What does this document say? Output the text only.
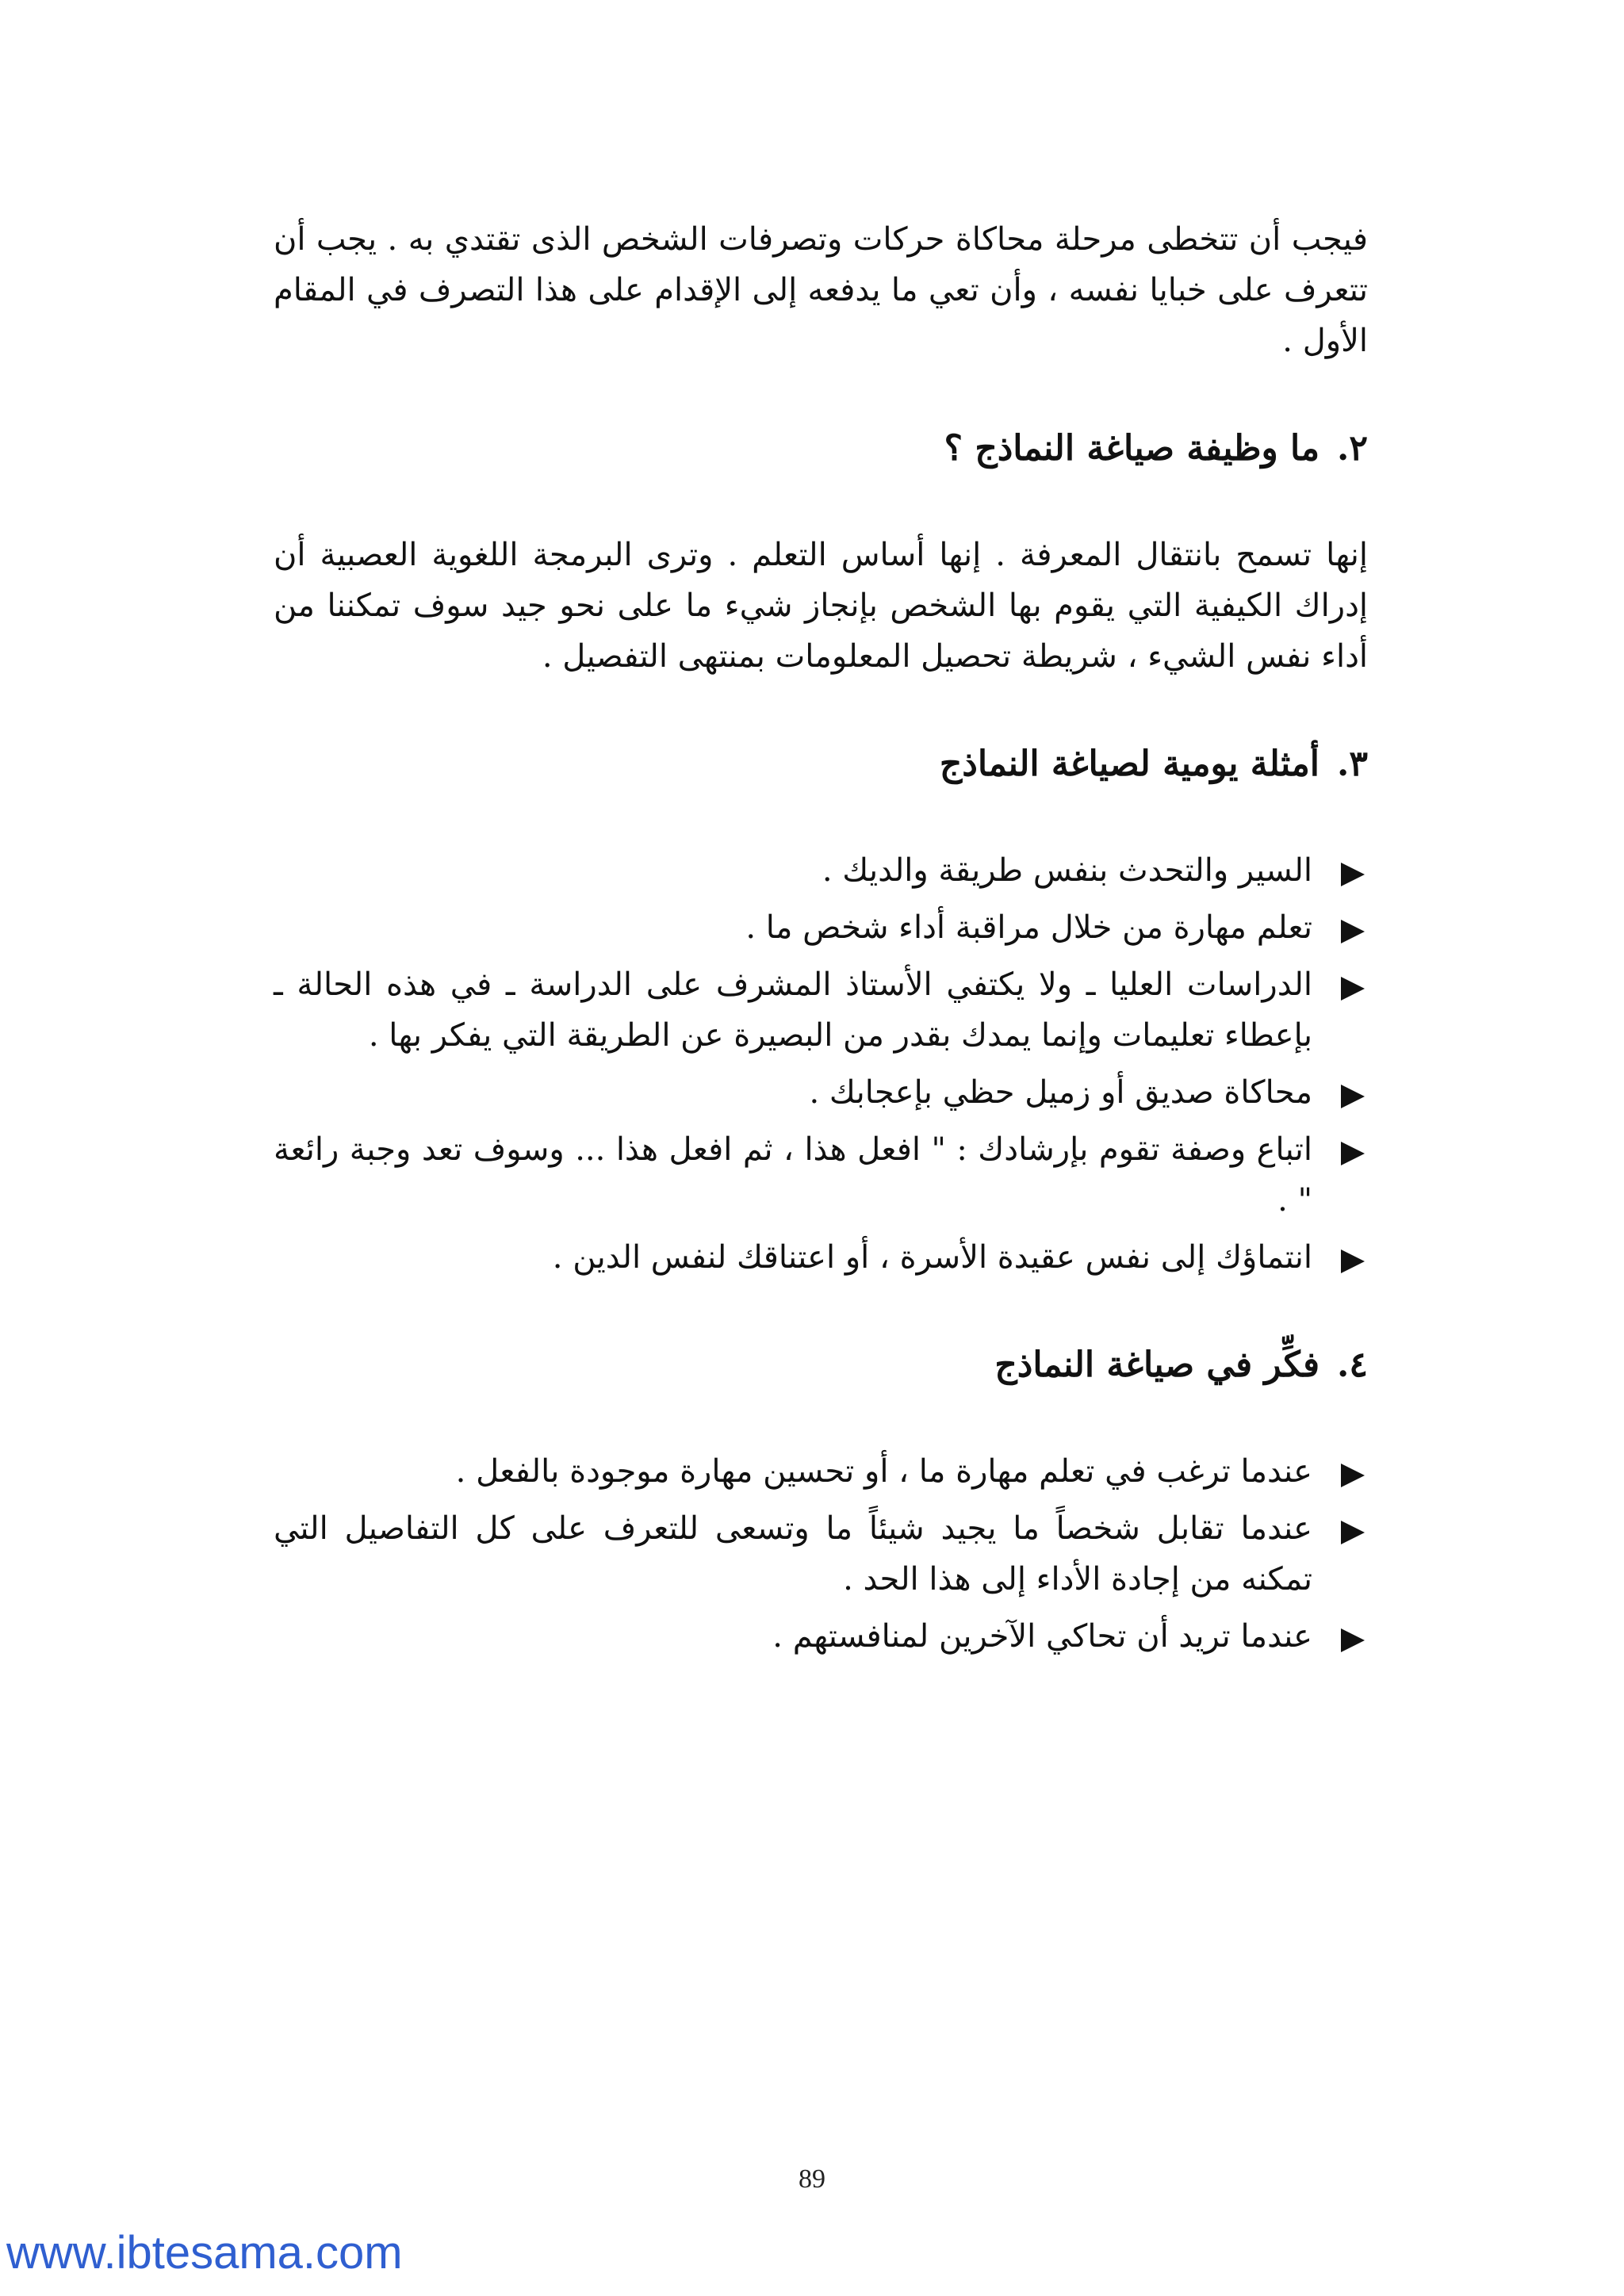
فيجب أن تتخطى مرحلة محاكاة حركات وتصرفات الشخص الذى تقتدي به . يجب أن تتعرف على خبايا نفسه ، وأن تعي ما يدفعه إلى الإقدام على هذا التصرف في المقام الأول .

٢.ما وظيفة صياغة النماذج ؟

إنها تسمح بانتقال المعرفة . إنها أساس التعلم . وترى البرمجة اللغوية العصبية أن إدراك الكيفية التي يقوم بها الشخص بإنجاز شيء ما على نحو جيد سوف تمكننا من أداء نفس الشيء ، شريطة تحصيل المعلومات بمنتهى التفصيل .

٣.أمثلة يومية لصياغة النماذج
السير والتحدث بنفس طريقة والديك .
تعلم مهارة من خلال مراقبة أداء شخص ما .
الدراسات العليا ـ ولا يكتفي الأستاذ المشرف على الدراسة ـ في هذه الحالة ـ بإعطاء تعليمات وإنما يمدك بقدر من البصيرة عن الطريقة التي يفكر بها .
محاكاة صديق أو زميل حظي بإعجابك .
اتباع وصفة تقوم بإرشادك : " افعل هذا ، ثم افعل هذا ... وسوف تعد وجبة رائعة " .
انتماؤك إلى نفس عقيدة الأسرة ، أو اعتناقك لنفس الدين .
٤.فكِّر في صياغة النماذج
عندما ترغب في تعلم مهارة ما ، أو تحسين مهارة موجودة بالفعل .
عندما تقابل شخصاً ما يجيد شيئاً ما وتسعى للتعرف على كل التفاصيل التي تمكنه من إجادة الأداء إلى هذا الحد .
عندما تريد أن تحاكي الآخرين لمنافستهم .
89
www.ibtesama.com
